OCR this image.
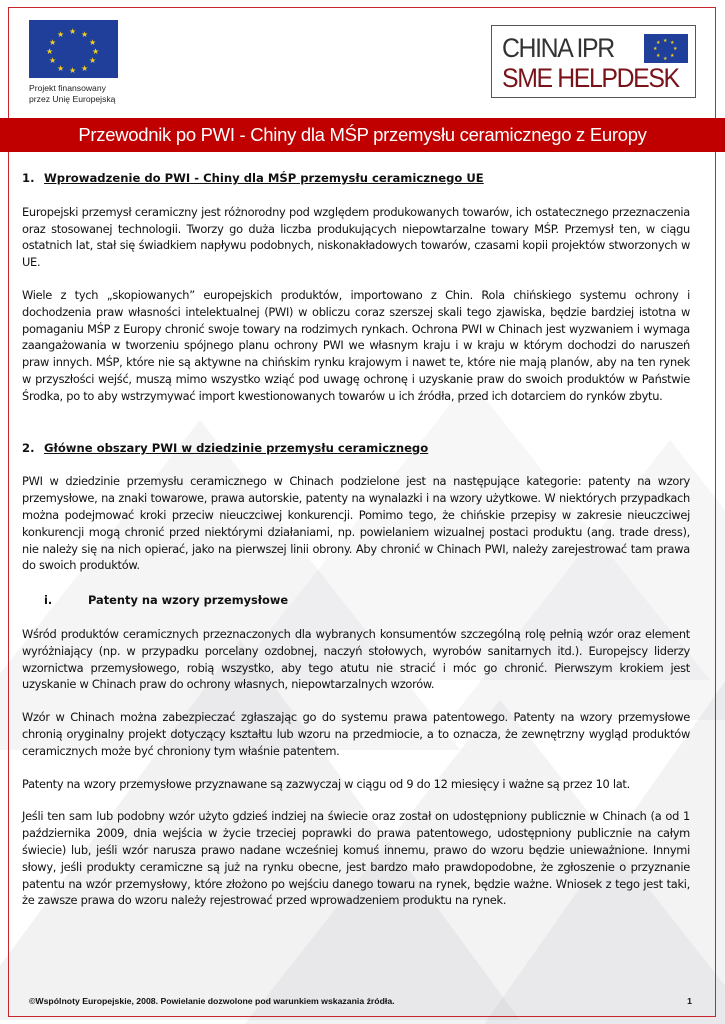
★ ★
★
★
★
★
★
★
★
★
★
★
Projekt finansowany
przez Unię Europejską
CHINA IPR
SME HELPDESK
★ ★
★
★
★
★
★
★
Przewodnik po PWI - Chiny dla MŚP przemysłu ceramicznego z Europy
1. Wprowadzenie do PWI - Chiny dla MŚP przemysłu ceramicznego UE

Europejski przemysł ceramiczny jest różnorodny pod względem produkowanych towarów, ich ostatecznego przeznaczenia oraz stosowanej technologii. Tworzy go duża liczba produkujących niepowtarzalne towary MŚP. Przemysł ten, w ciągu ostatnich lat, stał się świadkiem napływu podobnych, niskonakładowych towarów, czasami kopii projektów stworzonych w UE.

Wiele z tych „skopiowanych” europejskich produktów, importowano z Chin. Rola chińskiego systemu ochrony i dochodzenia praw własności intelektualnej (PWI) w obliczu coraz szerszej skali tego zjawiska, będzie bardziej istotna w pomaganiu MŚP z Europy chronić swoje towary na rodzimych rynkach. Ochrona PWI w Chinach jest wyzwaniem i wymaga zaangażowania w tworzeniu spójnego planu ochrony PWI we własnym kraju i w kraju w którym dochodzi do naruszeń praw innych. MŚP, które nie są aktywne na chińskim rynku krajowym i nawet te, które nie mają planów, aby na ten rynek w przyszłości wejść, muszą mimo wszystko wziąć pod uwagę ochronę i uzyskanie praw do swoich produktów w Państwie Środka, po to aby wstrzymywać import kwestionowanych towarów u ich źródła, przed ich dotarciem do rynków zbytu.

2. Główne obszary PWI w dziedzinie przemysłu ceramicznego

PWI w dziedzinie przemysłu ceramicznego w Chinach podzielone jest na następujące kategorie: patenty na wzory przemysłowe, na znaki towarowe, prawa autorskie, patenty na wynalazki i na wzory użytkowe. W niektórych przypadkach można podejmować kroki przeciw nieuczciwej konkurencji. Pomimo tego, że chińskie przepisy w zakresie nieuczciwej konkurencji mogą chronić przed niektórymi działaniami, np. powielaniem wizualnej postaci produktu (ang. trade dress), nie należy się na nich opierać, jako na pierwszej linii obrony. Aby chronić w Chinach PWI, należy zarejestrować tam prawa do swoich produktów.

i.	Patenty na wzory przemysłowe

Wśród produktów ceramicznych przeznaczonych dla wybranych konsumentów szczególną rolę pełnią wzór oraz element wyróżniający (np. w przypadku porcelany ozdobnej, naczyń stołowych, wyrobów sanitarnych itd.). Europejscy liderzy wzornictwa przemysłowego, robią wszystko, aby tego atutu nie stracić i móc go chronić. Pierwszym krokiem jest uzyskanie w Chinach praw do ochrony własnych, niepowtarzalnych wzorów.

Wzór w Chinach można zabezpieczać zgłaszając go do systemu prawa patentowego. Patenty na wzory przemysłowe chronią oryginalny projekt dotyczący kształtu lub wzoru na przedmiocie, a to oznacza, że zewnętrzny wygląd produktów ceramicznych może być chroniony tym właśnie patentem.

Patenty na wzory przemysłowe przyznawane są zazwyczaj w ciągu od 9 do 12 miesięcy i ważne są przez 10 lat.

Jeśli ten sam lub podobny wzór użyto gdzieś indziej na świecie oraz został on udostępniony publicznie w Chinach (a od 1 października 2009, dnia wejścia w życie trzeciej poprawki do prawa patentowego, udostępniony publicznie na całym świecie) lub, jeśli wzór narusza prawo nadane wcześniej komuś innemu, prawo do wzoru będzie unieważnione. Innymi słowy, jeśli produkty ceramiczne są już na rynku obecne, jest bardzo mało prawdopodobne, że zgłoszenie o przyznanie patentu na wzór przemysłowy, które złożono po wejściu danego towaru na rynek, będzie ważne. Wniosek z tego jest taki, że zawsze prawa do wzoru należy rejestrować przed wprowadzeniem produktu na rynek.

©Wspólnoty Europejskie, 2008. Powielanie dozwolone pod warunkiem wskazania źródła.	1
